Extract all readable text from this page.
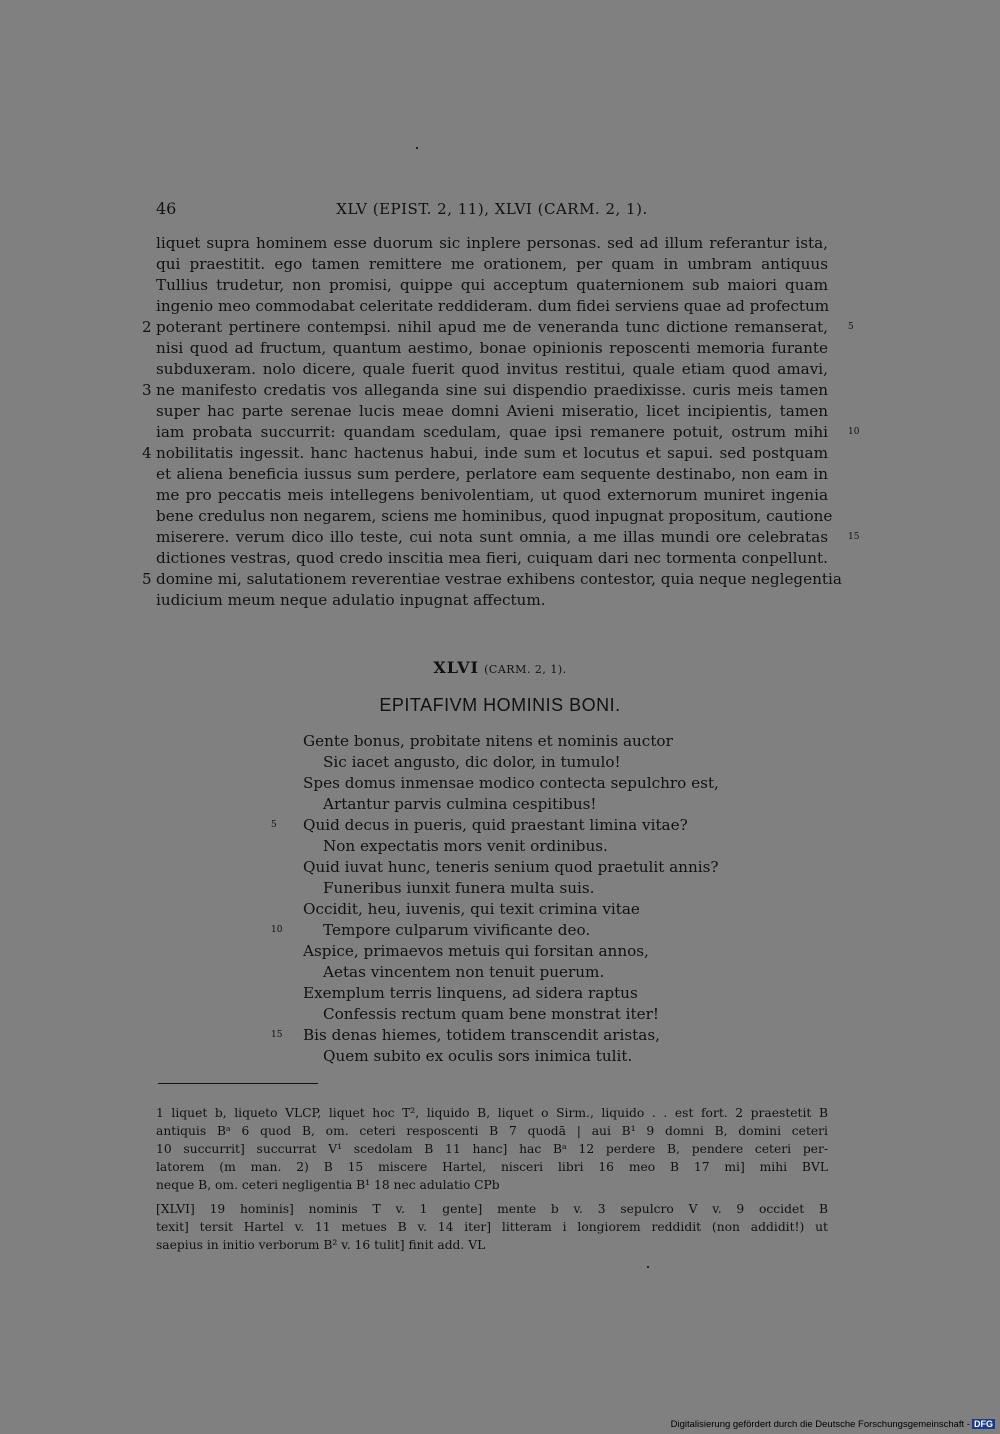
46	XLV (EPIST. 2, 11), XLVI (CARM. 2, 1).
liquet supra hominem esse duorum sic inplere personas. sed ad illum referantur ista,
qui praestitit. ego tamen remittere me orationem, per quam in umbram antiquus
Tullius trudetur, non promisi, quippe qui acceptum quaternionem sub maiori quam
ingenio meo commodabat celeritate reddideram. dum fidei serviens quae ad profectum
2	5
poterant pertinere contempsi. nihil apud me de veneranda tunc dictione remanserat,
nisi quod ad fructum, quantum aestimo, bonae opinionis reposcenti memoria furante
subduxeram. nolo dicere, quale fuerit quod invitus restitui, quale etiam quod amavi,
3 ne manifesto credatis vos alleganda sine sui dispendio praedixisse. curis meis tamen
super hac parte serenae lucis meae domni Avieni miseratio, licet incipientis, tamen
10
iam probata succurrit: quandam scedulam, quae ipsi remanere potuit, ostrum mihi
4 nobilitatis ingessit. hanc hactenus habui, inde sum et locutus et sapui. sed postquam
et aliena beneficia iussus sum perdere, perlatore eam sequente destinabo, non eam in
me pro peccatis meis intellegens benivolentiam, ut quod externorum muniret ingenia
bene credulus non negarem, sciens me hominibus, quod inpugnat propositum, cautione
15
miserere. verum dico illo teste, cui nota sunt omnia, a me illas mundi ore celebratas
dictiones vestras, quod credo inscitia mea fieri, cuiquam dari nec tormenta conpellunt.
5 domine mi, salutationem reverentiae vestrae exhibens contestor, quia neque neglegentia
iudicium meum neque adulatio inpugnat affectum.
XLVI (CARM. 2, 1).
EPITAFIVM HOMINIS BONI.
Gente bonus, probitate nitens et nominis auctor
Sic iacet angusto, dic dolor, in tumulo!
Spes domus inmensae modico contecta sepulchro est,
Artantur parvis culmina cespitibus!
5 Quid decus in pueris, quid praestant limina vitae?
Non expectatis mors venit ordinibus.
Quid iuvat hunc, teneris senium quod praetulit annis?
Funeribus iunxit funera multa suis.
Occidit, heu, iuvenis, qui texit crimina vitae
10	Tempore culparum vivificante deo.
Aspice, primaevos metuis qui forsitan annos,
Aetas vincentem non tenuit puerum.
Exemplum terris linquens, ad sidera raptus
Confessis rectum quam bene monstrat iter!
15 Bis denas hiemes, totidem transcendit aristas,
Quem subito ex oculis sors inimica tulit.
1 liquet b, liqueto VLCP, liquet hoc T², liquido B, liquet o Sirm., liquido . . est fort. 2 praestetit B
antiquis Bᵃ 6 quod B, om. ceteri resposcenti B 7 quodā | aui B¹ 9 domni B, domini ceteri
10 succurrit] succurrat V¹ scedolam B 11 hanc] hac Bᵃ 12 perdere B, pendere ceteri per-
latorem (m man. 2) B 15 miscere Hartel, nisceri libri 16 meo B 17 mi] mihi BVL
neque B, om. ceteri negligentia B¹ 18 nec adulatio CPb
[XLVI] 19 hominis] nominis T v. 1 gente] mente b v. 3 sepulcro V v. 9 occidet B
texit] tersit Hartel v. 11 metues B v. 14 iter] litteram i longiorem reddidit (non addidit!) ut
saepius in initio verborum B² v. 16 tulit] finit add. VL
Digitalisierung gefördert durch die Deutsche Forschungsgemeinschaft - DFG
